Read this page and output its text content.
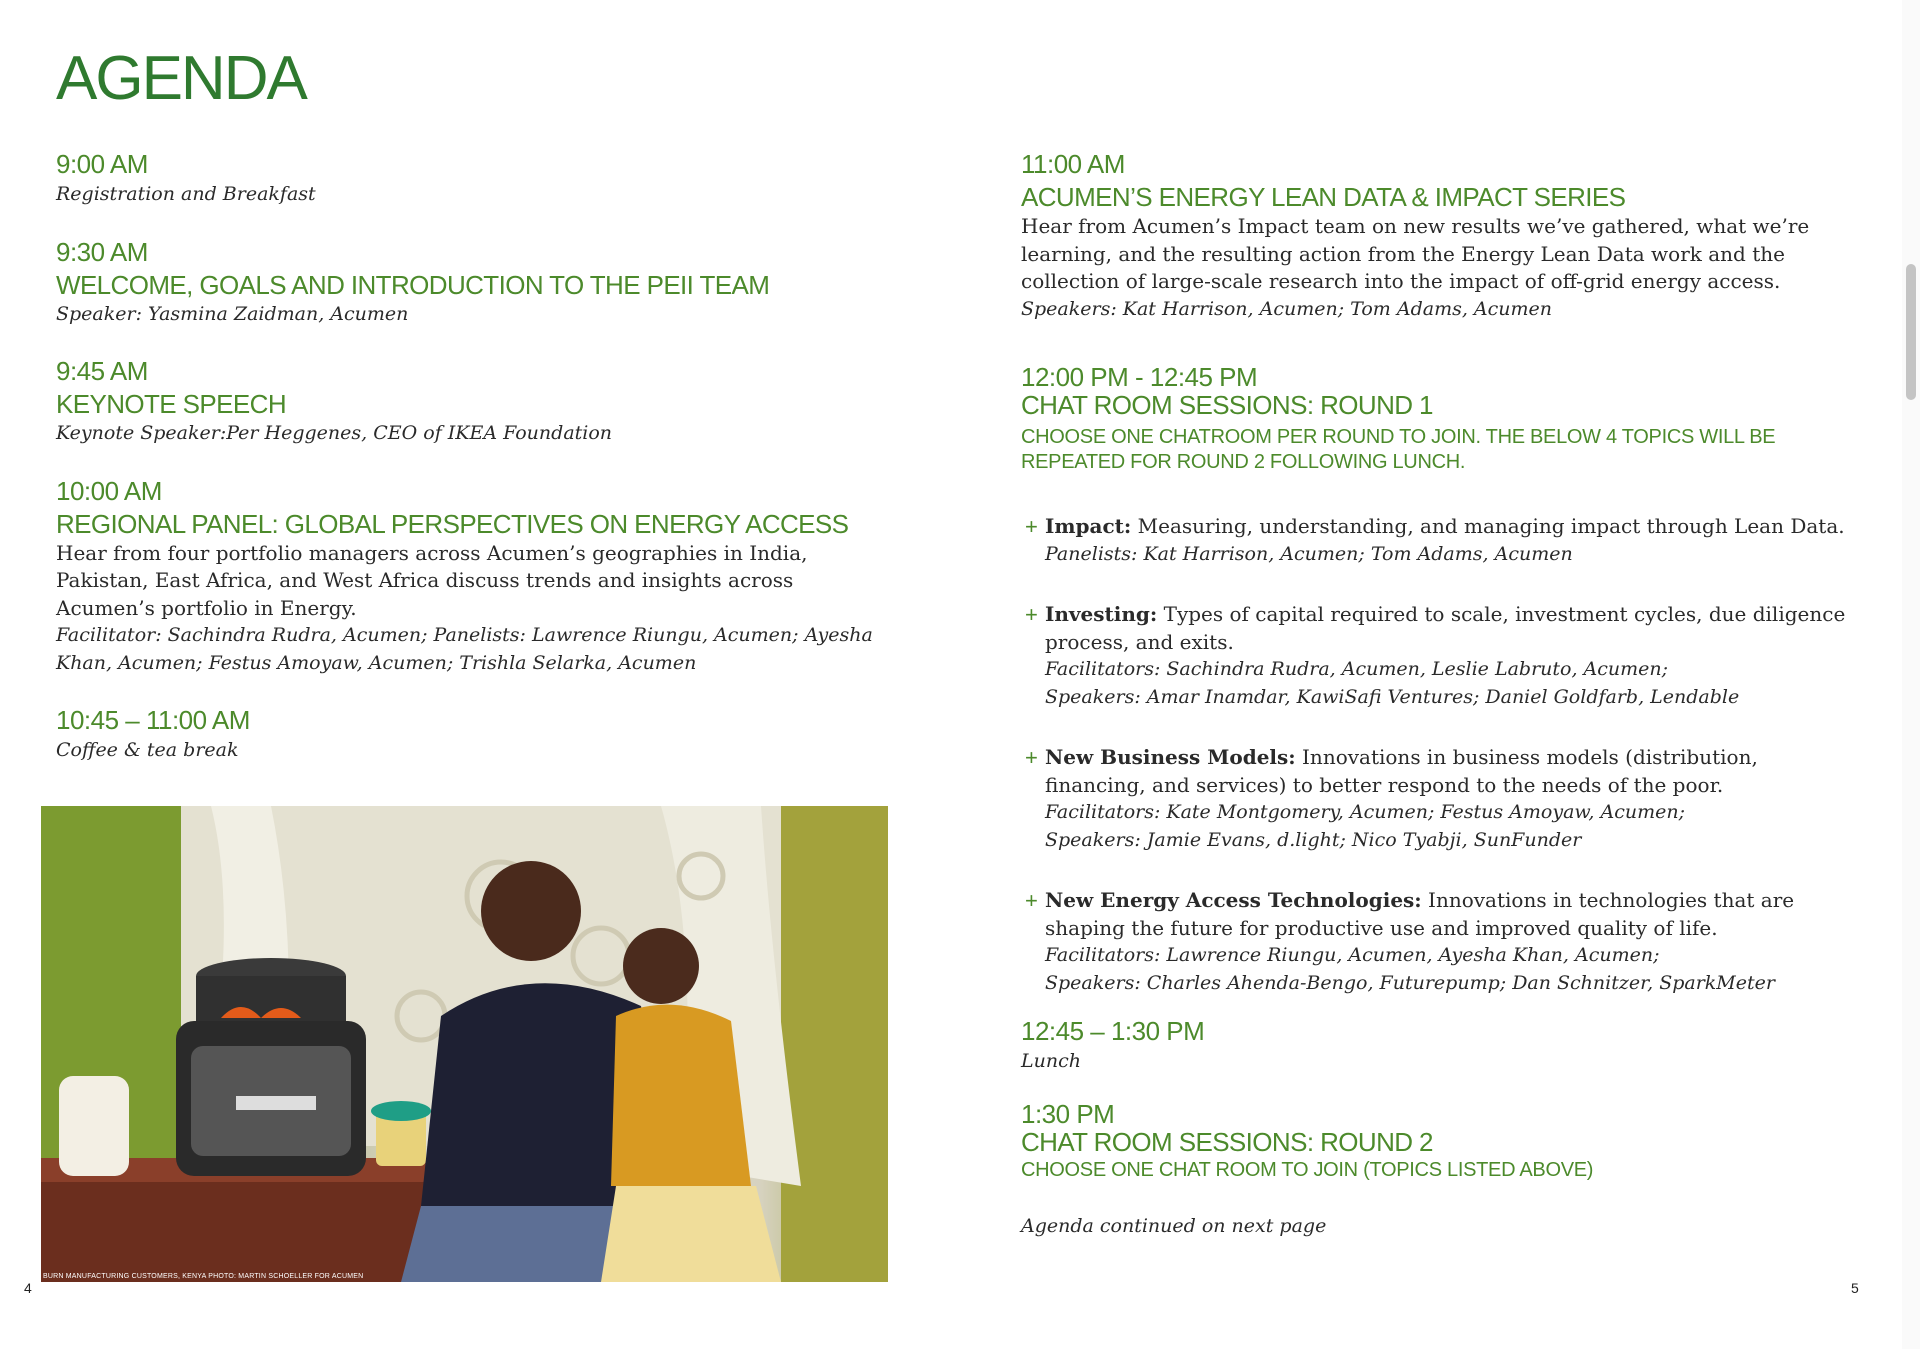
AGENDA
9:00 AM
Registration and Breakfast
9:30 AM
WELCOME, GOALS AND INTRODUCTION TO THE PEII TEAM
Speaker: Yasmina Zaidman, Acumen
9:45 AM
KEYNOTE SPEECH
Keynote Speaker:Per Heggenes, CEO of IKEA Foundation
10:00 AM
REGIONAL PANEL: GLOBAL PERSPECTIVES ON ENERGY ACCESS
Hear from four portfolio managers across Acumen’s geographies in India, Pakistan, East Africa, and West Africa discuss trends and insights across Acumen’s portfolio in Energy.
Facilitator: Sachindra Rudra, Acumen; Panelists: Lawrence Riungu, Acumen; Ayesha Khan, Acumen; Festus Amoyaw, Acumen; Trishla Selarka, Acumen
10:45 – 11:00 AM
Coffee & tea break
BURN MANUFACTURING CUSTOMERS, KENYA PHOTO: MARTIN SCHOELLER FOR ACUMEN
11:00 AM
ACUMEN’S ENERGY LEAN DATA & IMPACT SERIES
Hear from Acumen’s Impact team on new results we’ve gathered, what we’re learning, and the resulting action from the Energy Lean Data work and the collection of large-scale research into the impact of off-grid energy access.
Speakers: Kat Harrison, Acumen; Tom Adams, Acumen
12:00 PM - 12:45 PM
CHAT ROOM SESSIONS: ROUND 1
CHOOSE ONE CHATROOM PER ROUND TO JOIN. THE BELOW 4 TOPICS WILL BE REPEATED FOR ROUND 2 FOLLOWING LUNCH.
+ Impact: Measuring, understanding, and managing impact through Lean Data.
Panelists: Kat Harrison, Acumen; Tom Adams, Acumen
+ Investing: Types of capital required to scale, investment cycles, due diligence process, and exits.
Facilitators: Sachindra Rudra, Acumen, Leslie Labruto, Acumen;
Speakers: Amar Inamdar, KawiSafi Ventures; Daniel Goldfarb, Lendable
+ New Business Models: Innovations in business models (distribution, financing, and services) to better respond to the needs of the poor.
Facilitators: Kate Montgomery, Acumen; Festus Amoyaw, Acumen;
Speakers: Jamie Evans, d.light; Nico Tyabji, SunFunder
+ New Energy Access Technologies: Innovations in technologies that are shaping the future for productive use and improved quality of life.
Facilitators: Lawrence Riungu, Acumen, Ayesha Khan, Acumen;
Speakers: Charles Ahenda-Bengo, Futurepump; Dan Schnitzer, SparkMeter
12:45 – 1:30 PM
Lunch
1:30 PM
CHAT ROOM SESSIONS: ROUND 2
CHOOSE ONE CHAT ROOM TO JOIN (TOPICS LISTED ABOVE)
Agenda continued on next page
4	5
